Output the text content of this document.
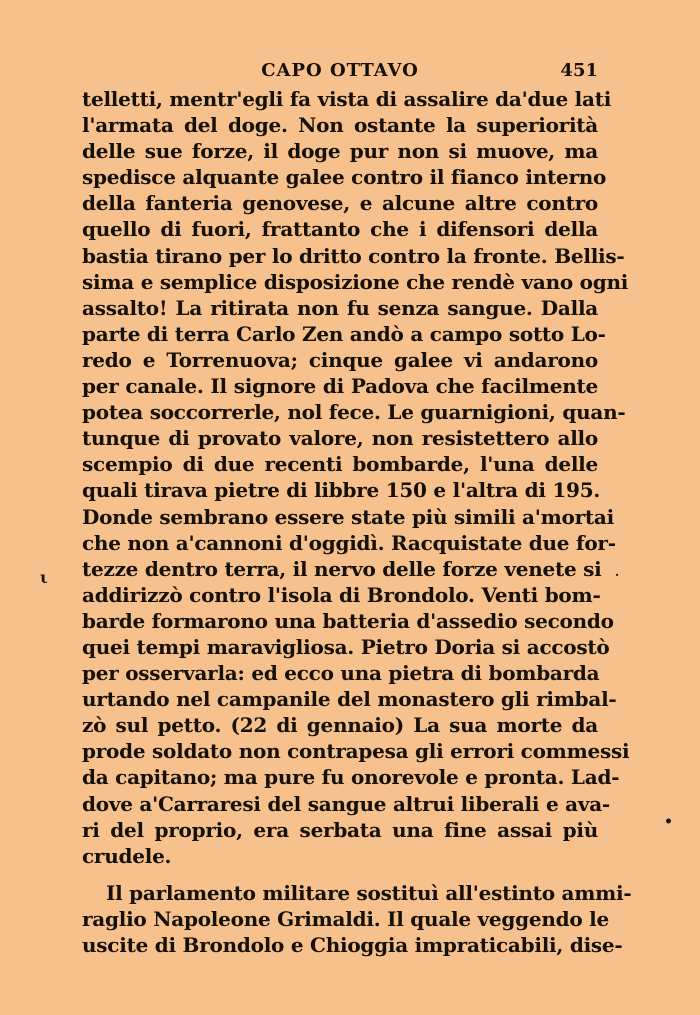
CAPO OTTAVO	451
telletti, mentr'egli fa vista di assalire da'due lati
l'armata del doge. Non ostante la superiorità
delle sue forze, il doge pur non si muove, ma
spedisce alquante galee contro il fianco interno
della fanteria genovese, e alcune altre contro
quello di fuori, frattanto che i difensori della
bastia tirano per lo dritto contro la fronte. Bellis-
sima e semplice disposizione che rendè vano ogni
assalto! La ritirata non fu senza sangue. Dalla
parte di terra Carlo Zen andò a campo sotto Lo-
redo e Torrenuova; cinque galee vi andarono
per canale. Il signore di Padova che facilmente
potea soccorrerle, nol fece. Le guarnigioni, quan-
tunque di provato valore, non resistettero allo
scempio di due recenti bombarde, l'una delle
quali tirava pietre di libbre 150 e l'altra di 195.
Donde sembrano essere state più simili a'mortai
che non a'cannoni d'oggidì. Racquistate due for-
tezze dentro terra, il nervo delle forze venete si
addirizzò contro l'isola di Brondolo. Venti bom-
barde formarono una batteria d'assedio secondo
quei tempi maravigliosa. Pietro Doria si accostò
per osservarla: ed ecco una pietra di bombarda
urtando nel campanile del monastero gli rimbal-
zò sul petto. (22 di gennaio) La sua morte da
prode soldato non contrapesa gli errori commessi
da capitano; ma pure fu onorevole e pronta. Lad-
dove a'Carraresi del sangue altrui liberali e ava-
ri del proprio, era serbata una fine assai più
crudele.
Il parlamento militare sostituì all'estinto ammi-
raglio Napoleone Grimaldi. Il quale veggendo le
uscite di Brondolo e Chioggia impraticabili, dise-
ι	·
•
